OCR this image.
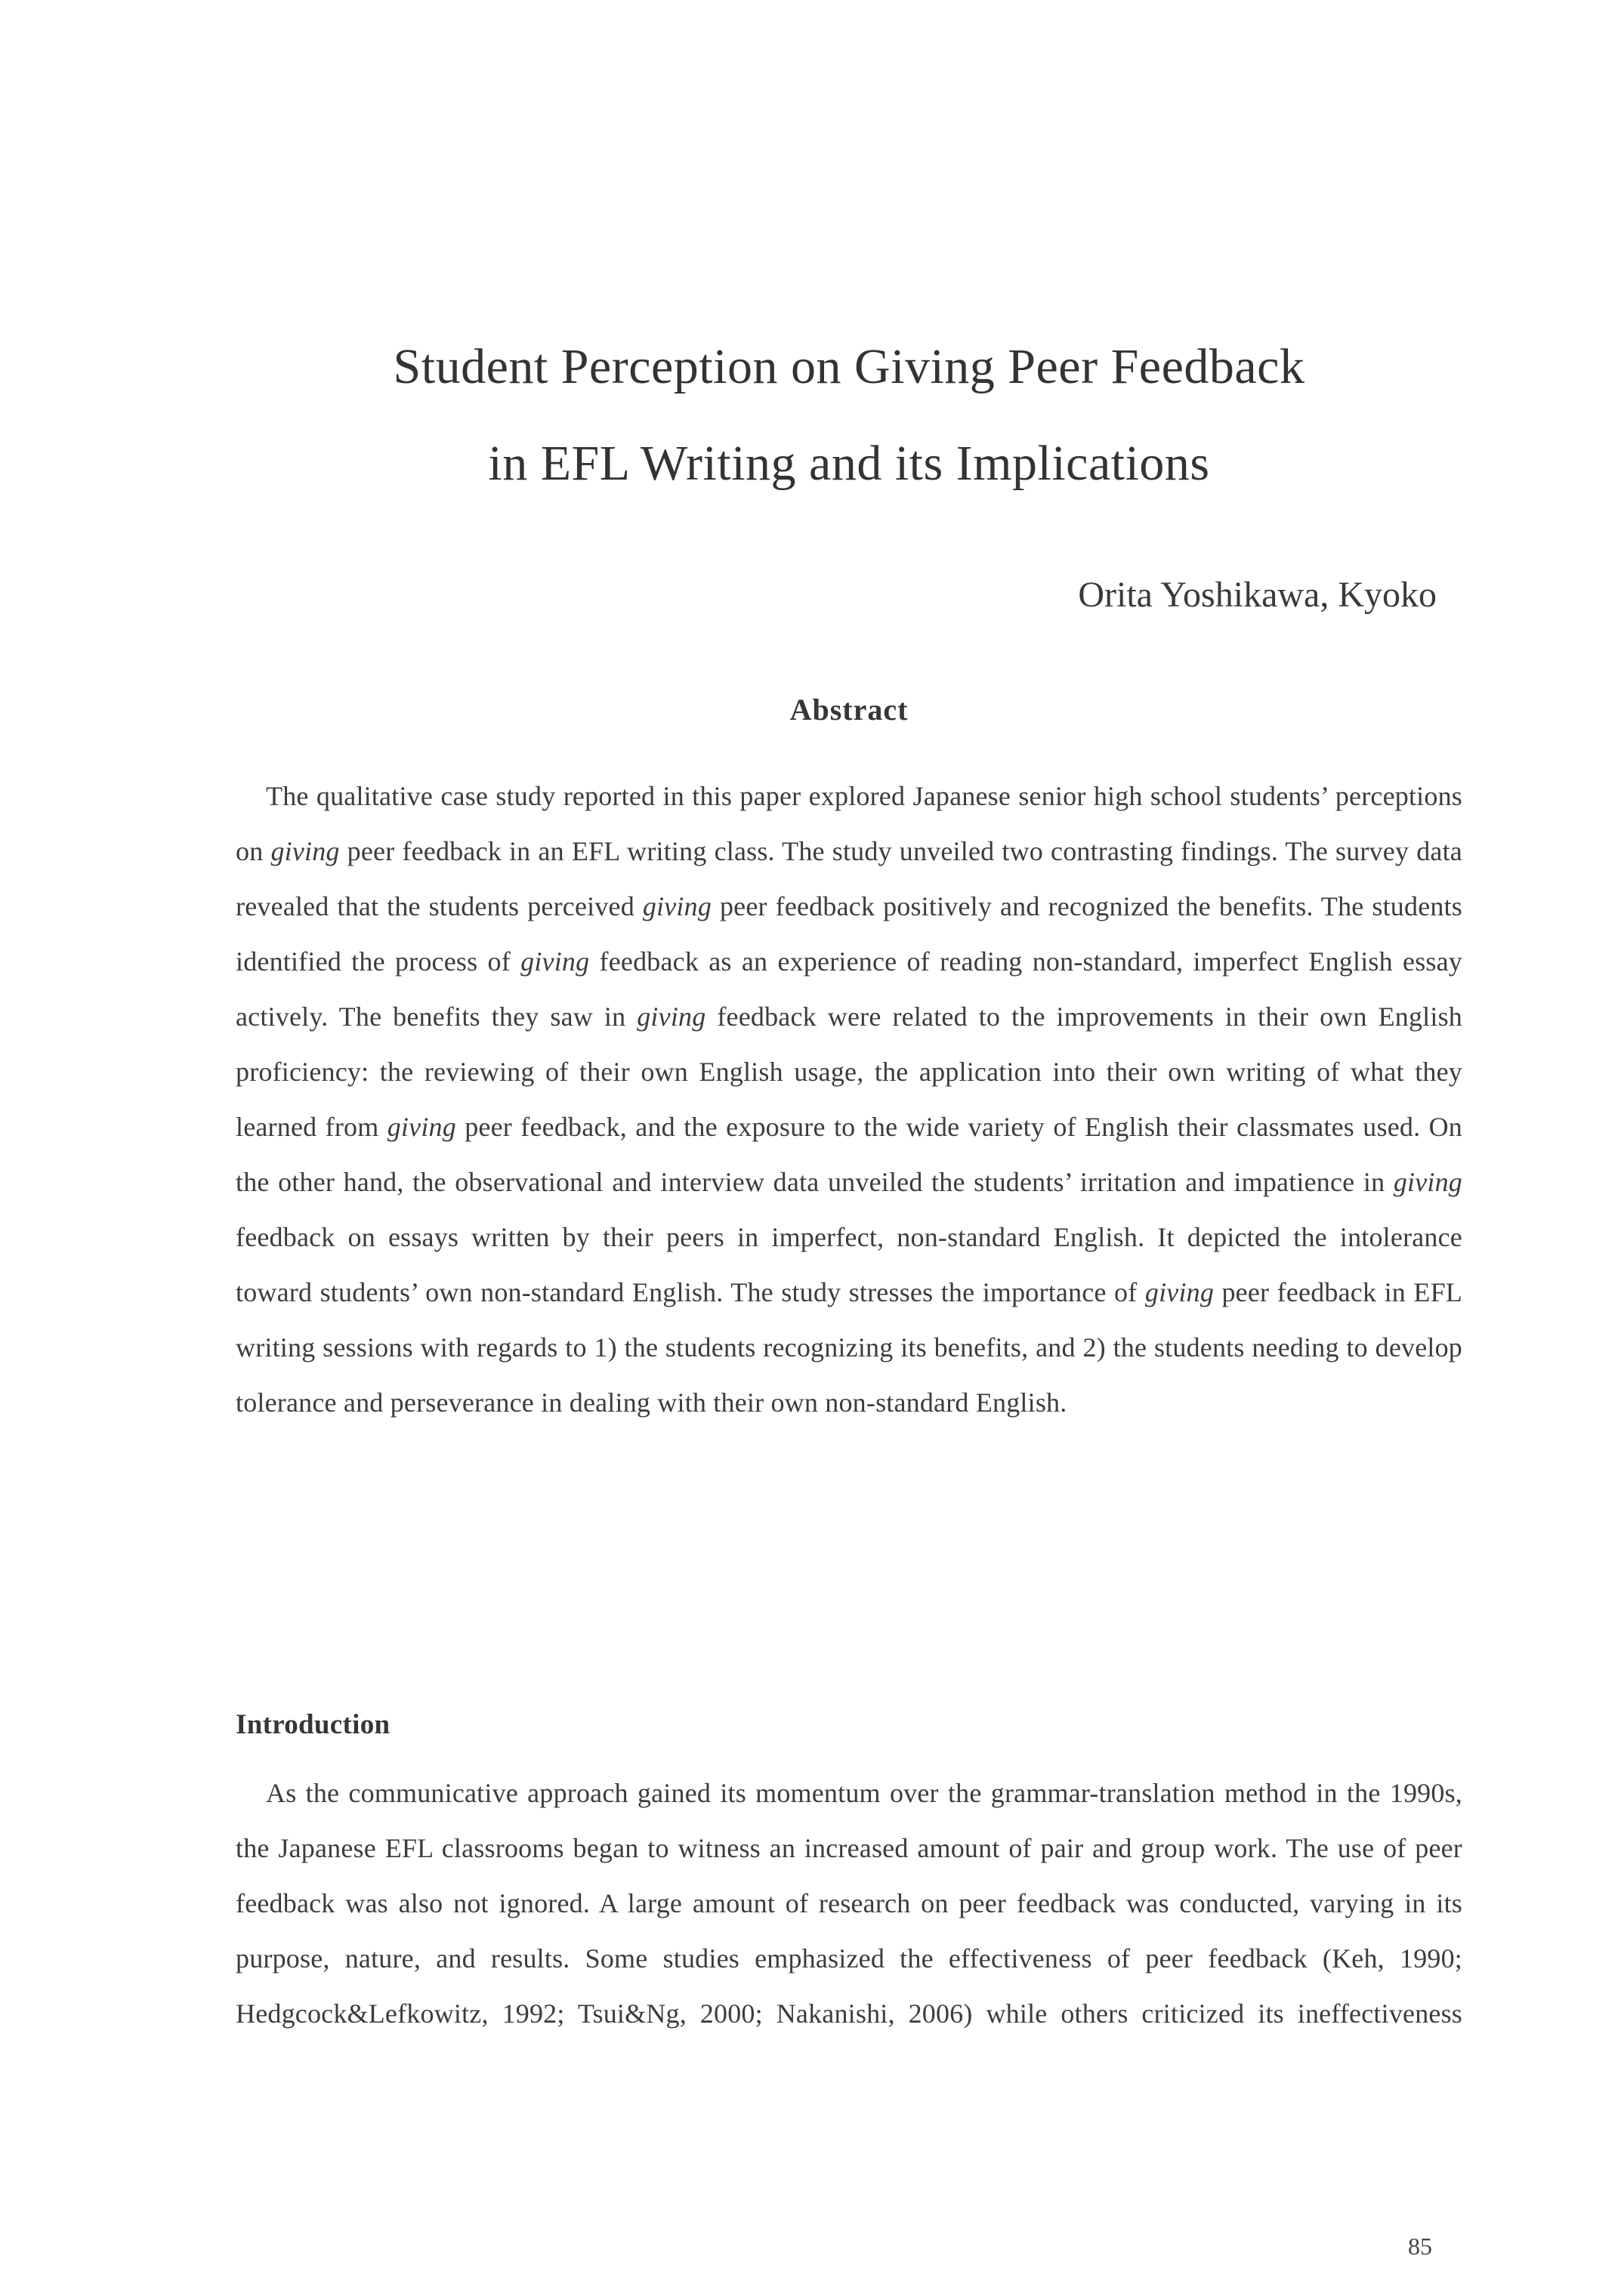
Student Perception on Giving Peer Feedback
in EFL Writing and its Implications
Orita Yoshikawa, Kyoko
Abstract

The qualitative case study reported in this paper explored Japanese senior high school students’ perceptions on giving peer feedback in an EFL writing class. The study unveiled two contrasting findings. The survey data revealed that the students perceived giving peer feedback positively and recognized the benefits. The students identified the process of giving feedback as an experience of reading non-standard, imperfect English essay actively. The benefits they saw in giving feedback were related to the improvements in their own English proficiency: the reviewing of their own English usage, the application into their own writing of what they learned from giving peer feedback, and the exposure to the wide variety of English their classmates used. On the other hand, the observational and interview data unveiled the students’ irritation and impatience in giving feedback on essays written by their peers in imperfect, non-standard English. It depicted the intolerance toward students’ own non-standard English. The study stresses the importance of giving peer feedback in EFL writing sessions with regards to 1) the students recognizing its benefits, and 2) the students needing to develop tolerance and perseverance in dealing with their own non-standard English.

Introduction

As the communicative approach gained its momentum over the grammar-translation method in the 1990s, the Japanese EFL classrooms began to witness an increased amount of pair and group work. The use of peer feedback was also not ignored. A large amount of research on peer feedback was conducted, varying in its purpose, nature, and results. Some studies emphasized the effectiveness of peer feedback (Keh, 1990; Hedgcock&Lefkowitz, 1992; Tsui&Ng, 2000; Nakanishi, 2006) while others criticized its ineffectiveness

85
